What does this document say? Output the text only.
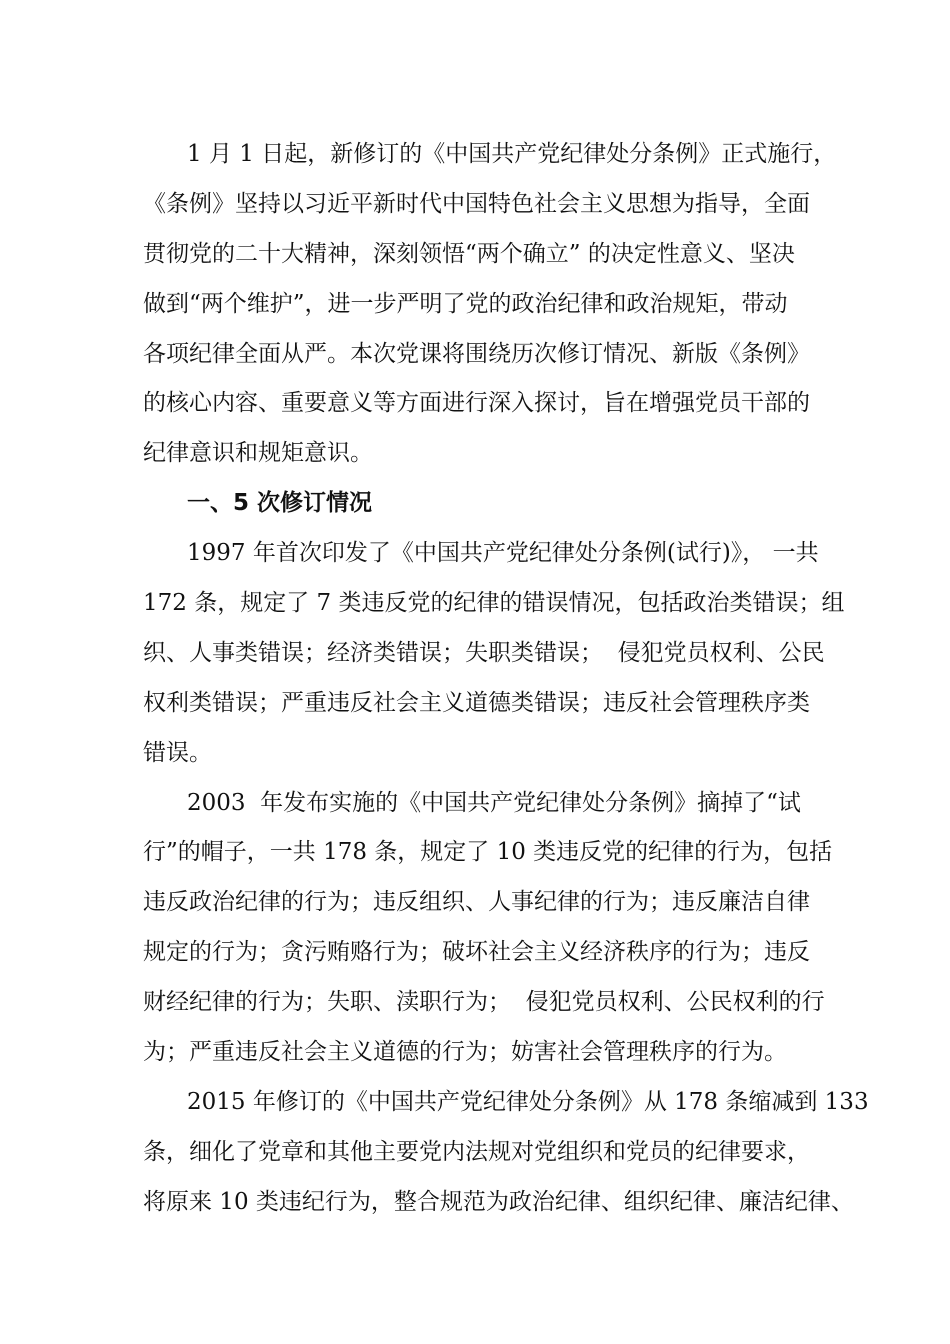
1 月 1 日起，新修订的《中国共产党纪律处分条例》正式施行，
《条例》坚持以习近平新时代中国特色社会主义思想为指导，全面
贯彻党的二十大精神，深刻领悟“两个确立” 的决定性意义、坚决
做到“两个维护”，进一步严明了党的政治纪律和政治规矩，带动
各项纪律全面从严。本次党课将围绕历次修订情况、新版《条例》
的核心内容、重要意义等方面进行深入探讨，旨在增强党员干部的
纪律意识和规矩意识。
一、5 次修订情况
1997 年首次印发了《中国共产党纪律处分条例(试行)》， 一共
172 条，规定了 7 类违反党的纪律的错误情况，包括政治类错误；组
织、人事类错误；经济类错误；失职类错误；  侵犯党员权利、公民
权利类错误；严重违反社会主义道德类错误；违反社会管理秩序类
错误。
2003  年发布实施的《中国共产党纪律处分条例》摘掉了“试
行”的帽子，一共 178 条，规定了 10 类违反党的纪律的行为，包括
违反政治纪律的行为；违反组织、人事纪律的行为；违反廉洁自律
规定的行为；贪污贿赂行为；破坏社会主义经济秩序的行为；违反
财经纪律的行为；失职、渎职行为；  侵犯党员权利、公民权利的行
为；严重违反社会主义道德的行为；妨害社会管理秩序的行为。
2015 年修订的《中国共产党纪律处分条例》从 178 条缩减到 133
条，细化了党章和其他主要党内法规对党组织和党员的纪律要求，
将原来 10 类违纪行为，整合规范为政治纪律、组织纪律、廉洁纪律、
